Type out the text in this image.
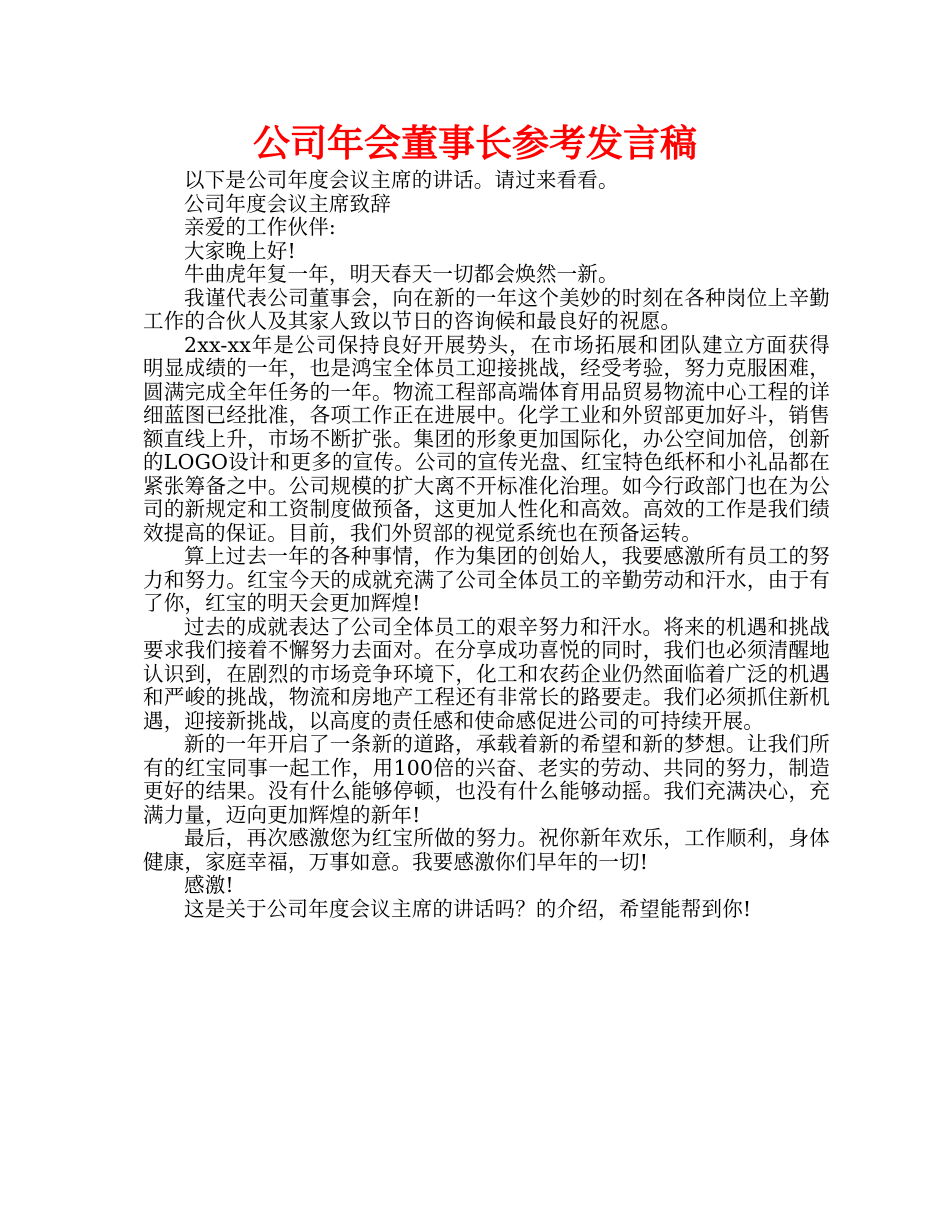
公司年会董事长参考发言稿

以下是公司年度会议主席的讲话。请过来看看。

公司年度会议主席致辞

亲爱的工作伙伴:

大家晚上好!

牛曲虎年复一年，明天春天一切都会焕然一新。

我谨代表公司董事会，向在新的一年这个美妙的时刻在各种岗位上辛勤工作的合伙人及其家人致以节日的咨询候和最良好的祝愿。

2xx-xx年是公司保持良好开展势头，在市场拓展和团队建立方面获得明显成绩的一年，也是鸿宝全体员工迎接挑战，经受考验，努力克服困难，圆满完成全年任务的一年。物流工程部高端体育用品贸易物流中心工程的详细蓝图已经批准，各项工作正在进展中。化学工业和外贸部更加好斗，销售额直线上升，市场不断扩张。集团的形象更加国际化，办公空间加倍，创新的LOGO设计和更多的宣传。公司的宣传光盘、红宝特色纸杯和小礼品都在紧张筹备之中。公司规模的扩大离不开标准化治理。如今行政部门也在为公司的新规定和工资制度做预备，这更加人性化和高效。高效的工作是我们绩效提高的保证。目前，我们外贸部的视觉系统也在预备运转。

算上过去一年的各种事情，作为集团的创始人，我要感激所有员工的努力和努力。红宝今天的成就充满了公司全体员工的辛勤劳动和汗水，由于有了你，红宝的明天会更加辉煌!

过去的成就表达了公司全体员工的艰辛努力和汗水。将来的机遇和挑战要求我们接着不懈努力去面对。在分享成功喜悦的同时，我们也必须清醒地认识到，在剧烈的市场竞争环境下，化工和农药企业仍然面临着广泛的机遇和严峻的挑战，物流和房地产工程还有非常长的路要走。我们必须抓住新机遇，迎接新挑战，以高度的责任感和使命感促进公司的可持续开展。

新的一年开启了一条新的道路，承载着新的希望和新的梦想。让我们所有的红宝同事一起工作，用100倍的兴奋、老实的劳动、共同的努力，制造更好的结果。没有什么能够停顿，也没有什么能够动摇。我们充满决心，充满力量，迈向更加辉煌的新年!

最后，再次感激您为红宝所做的努力。祝你新年欢乐，工作顺利，身体健康，家庭幸福，万事如意。我要感激你们早年的一切!

感激!

这是关于公司年度会议主席的讲话吗？的介绍，希望能帮到你!
